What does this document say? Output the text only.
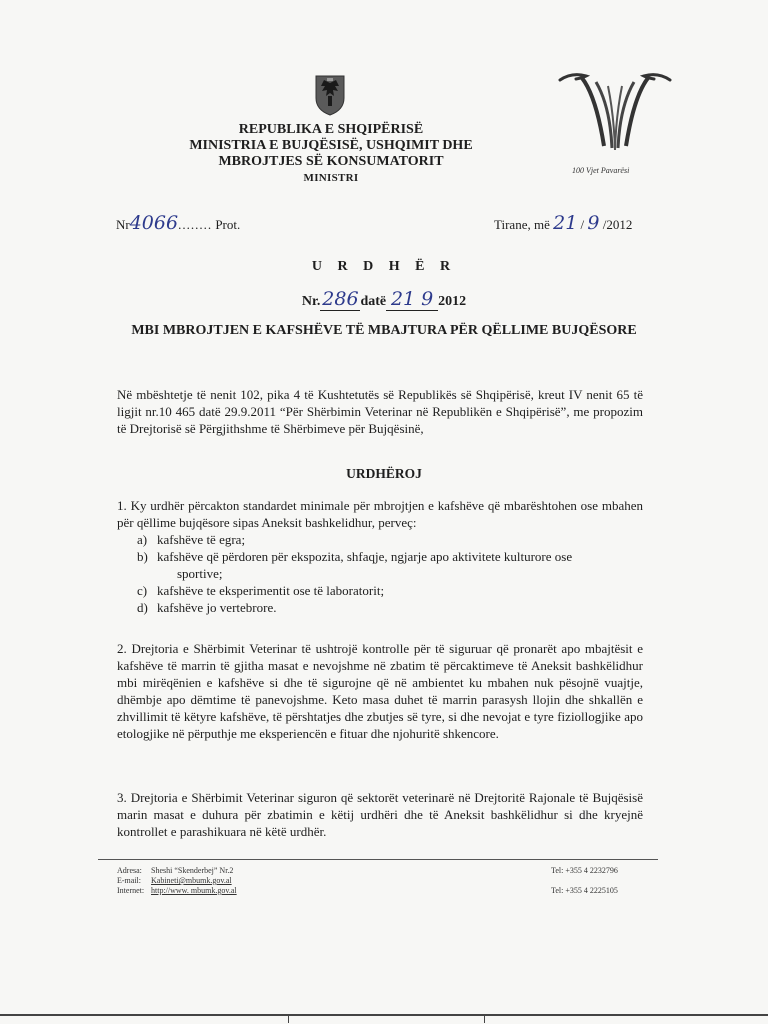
REPUBLIKA E SHQIPËRISË
MINISTRIA E BUJQËSISË, USHQIMIT DHE
MBROJTJES SË KONSUMATORIT
MINISTRI
100 Vjet Pavarësi
Nr4066........ Prot.	Tirane, më 21 / 9 /2012
U R D H Ë R
Nr.286 datë 21 9 2012
MBI MBROJTJEN E KAFSHËVE TË MBAJTURA PËR QËLLIME BUJQËSORE
Në mbështetje të nenit 102, pika 4 të Kushtetutës së Republikës së Shqipërisë, kreut IV nenit 65 të ligjit nr.10 465 datë 29.9.2011 “Për Shërbimin Veterinar në Republikën e Shqipërisë”, me propozim të Drejtorisë së Përgjithshme të Shërbimeve për Bujqësinë,
URDHËROJ
1. Ky urdhër përcakton standardet minimale për mbrojtjen e kafshëve që mbarështohen ose mbahen për qëllime bujqësore sipas Aneksit bashkelidhur, perveç:
a) kafshëve të egra;
b) kafshëve që përdoren për ekspozita, shfaqje, ngjarje apo aktivitete kulturore ose
sportive;
c) kafshëve te eksperimentit ose të laboratorit;
d) kafshëve jo vertebrore.
2. Drejtoria e Shërbimit Veterinar të ushtrojë kontrolle për të siguruar që pronarët apo mbajtësit e kafshëve të marrin të gjitha masat e nevojshme në zbatim të përcaktimeve të Aneksit bashkëlidhur mbi mirëqënien e kafshëve si dhe të sigurojne që në ambientet ku mbahen nuk pësojnë vuajtje, dhëmbje apo dëmtime të panevojshme. Keto masa duhet të marrin parasysh llojin dhe shkallën e zhvillimit të këtyre kafshëve, të përshtatjes dhe zbutjes së tyre, si dhe nevojat e tyre fiziollogjike apo etologjike në përputhje me eksperiencën e fituar dhe njohuritë shkencore.
3. Drejtoria e Shërbimit Veterinar siguron që sektorët veterinarë në Drejtoritë Rajonale të Bujqësisë marin masat e duhura për zbatimin e këtij urdhëri dhe të Aneksit bashkëlidhur si dhe kryejnë kontrollet e parashikuara në këtë urdhër.
Adresa: Sheshi “Skenderbej” Nr.2
E-mail: Kabineti@mbumk.gov.al
Internet: http://www. mbumk.gov.al
Tel: +355 4 2232796
Tel: +355 4 2225105
